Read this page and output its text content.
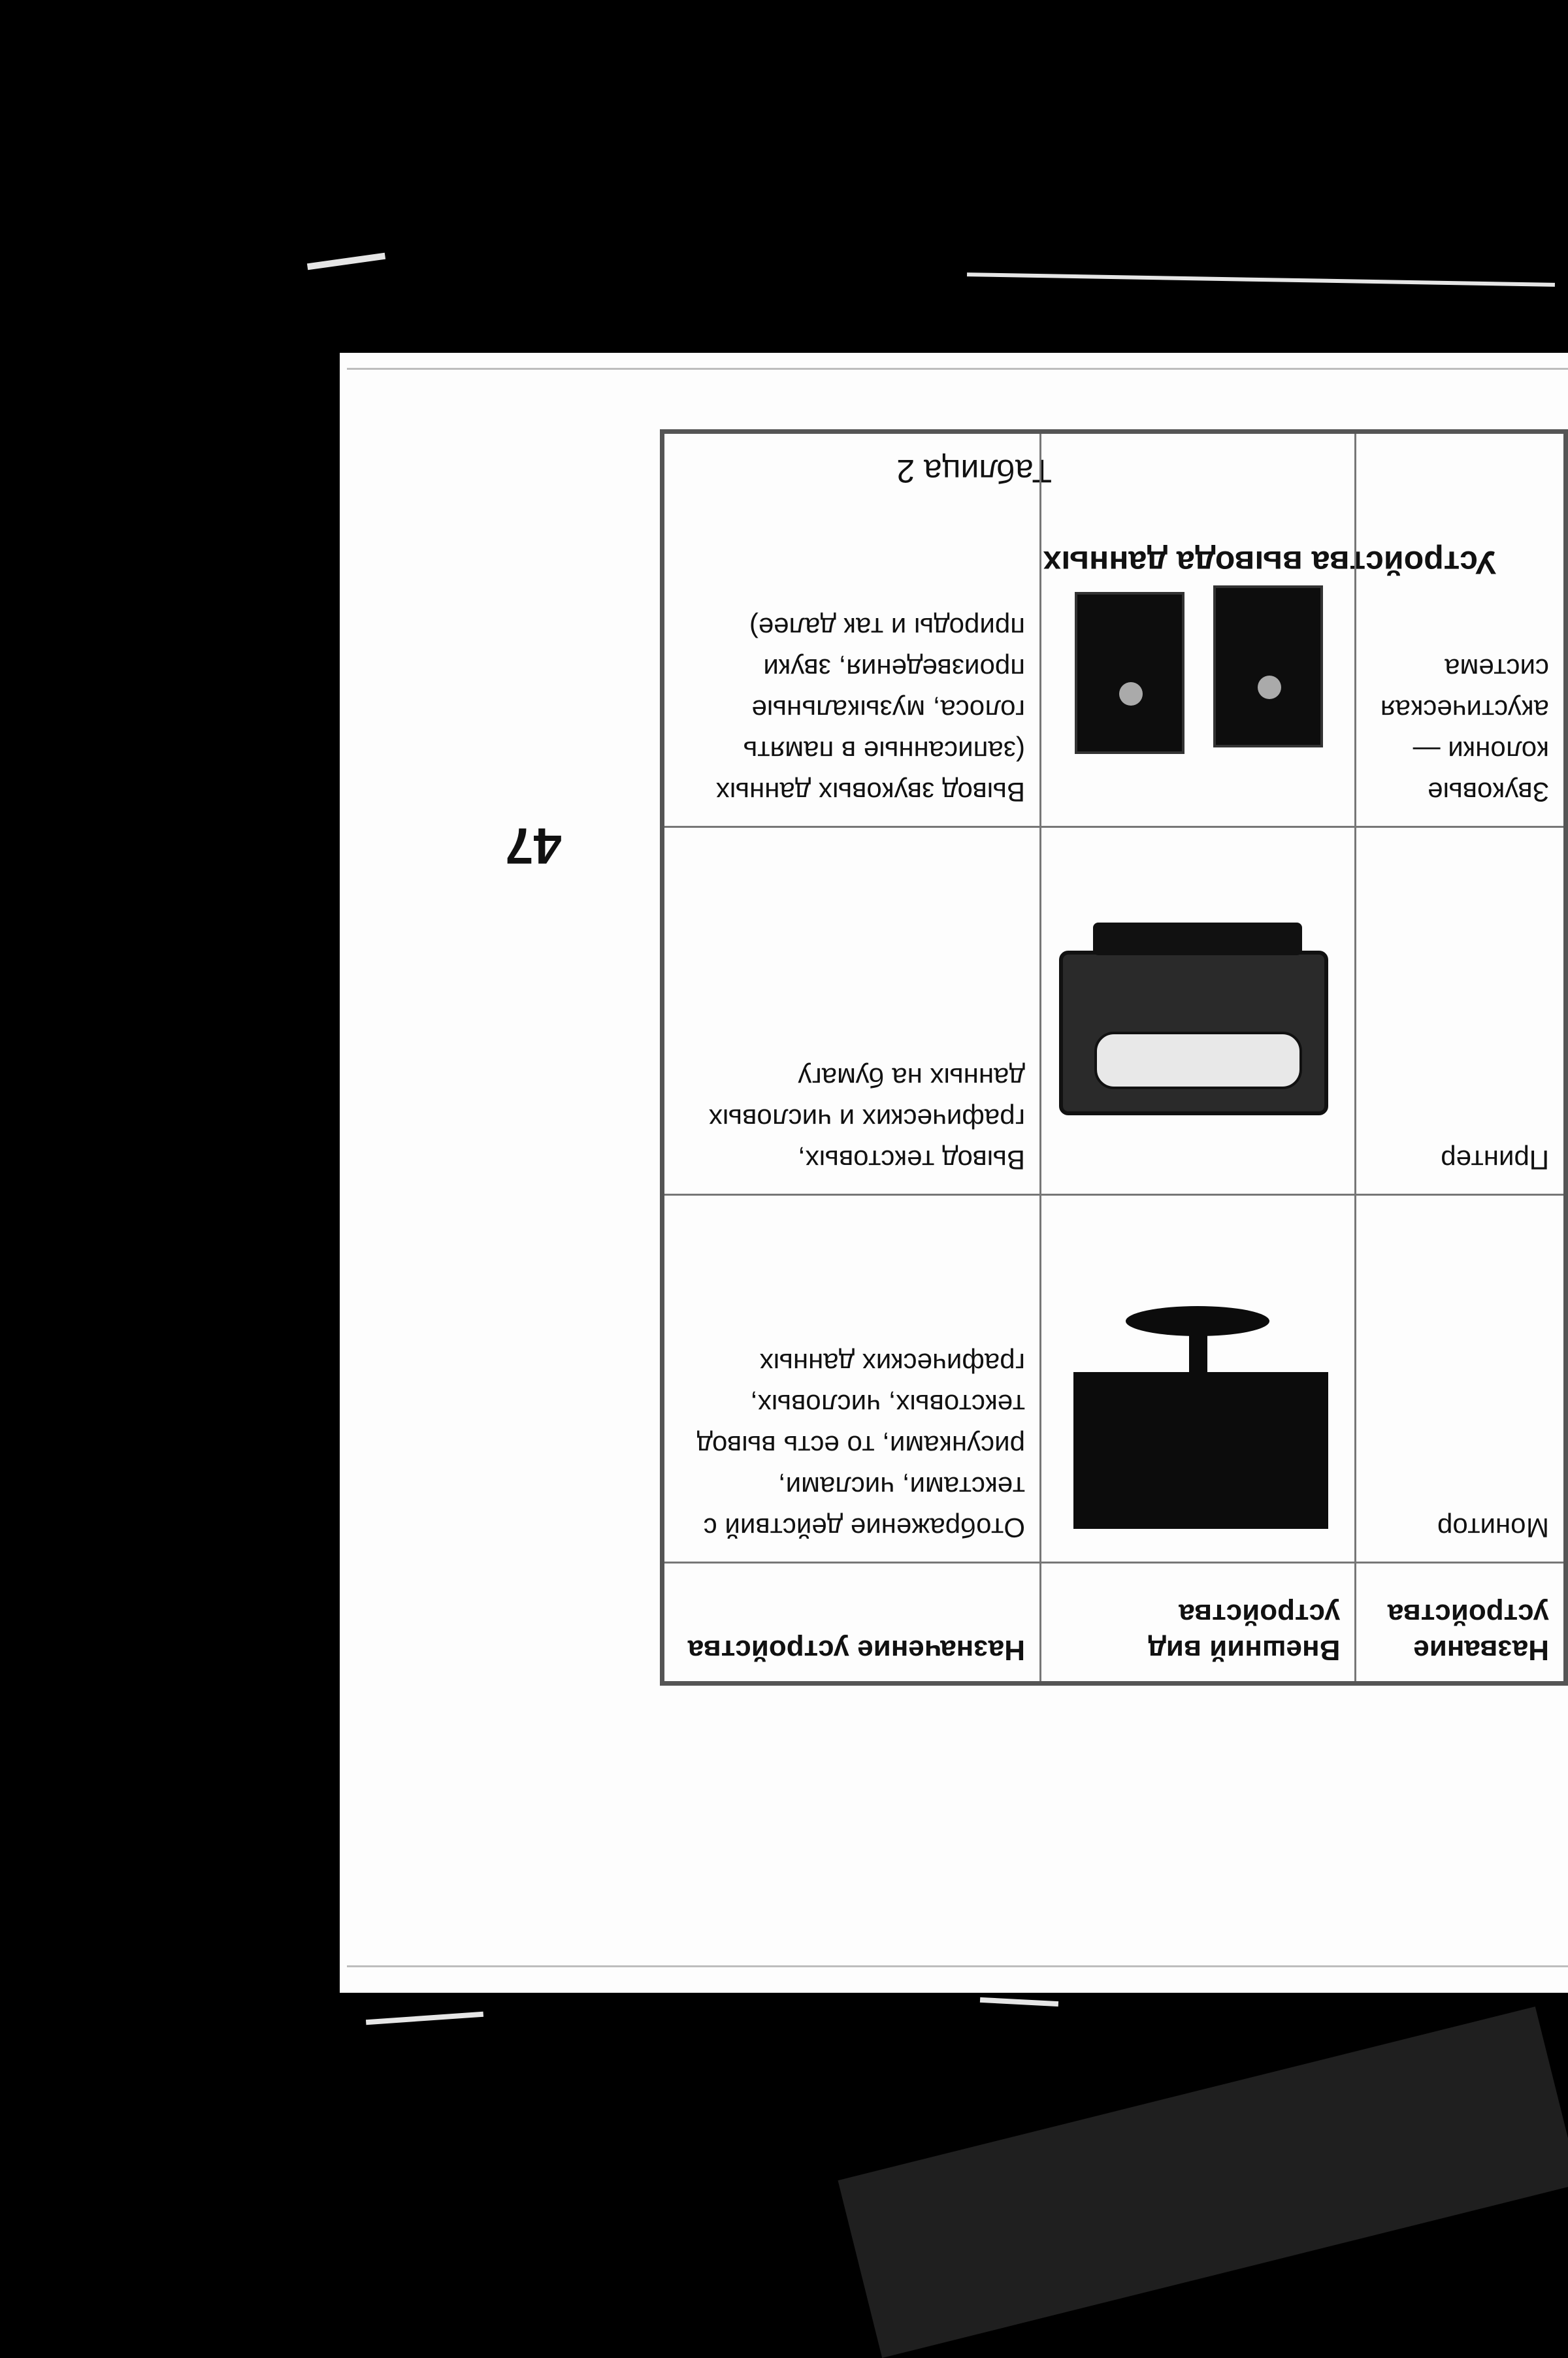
47
Таблица 2
Устройства вывода данных
Название устройства	Внешний вид устройства	Назначение устройства
Монитор		Отображение действий с текстами, числами, рисунками, то есть вывод текстовых, числовых, графических данных
Принтер		Вывод текстовых, графических и числовых данных на бумагу
Звуковые колонки — акустическая система		Вывод звуковых данных (записанные в память голоса, музыкальные произведения, звуки природы и так далее)
